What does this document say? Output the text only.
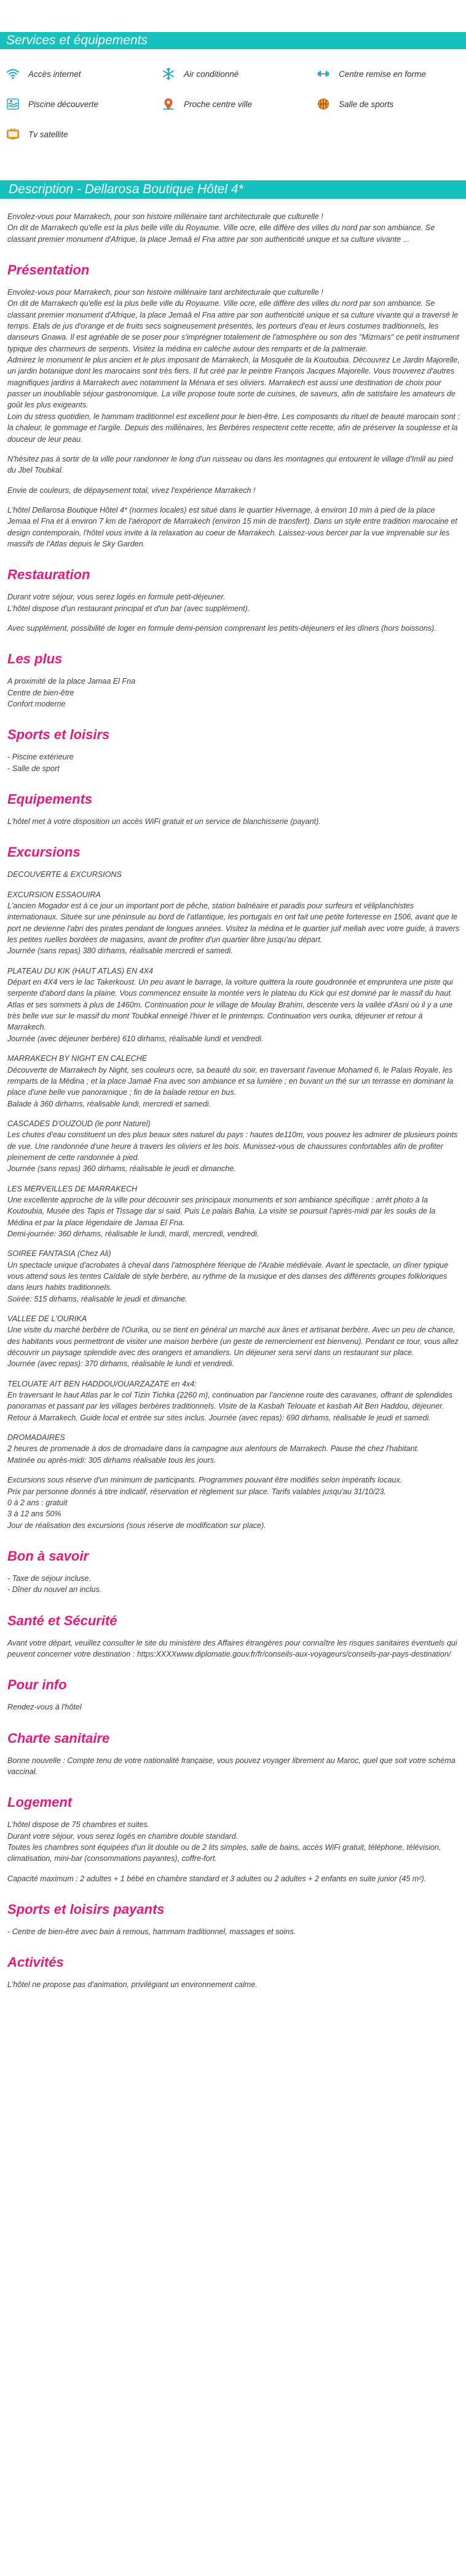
Services et équipements
Accès internet	Air conditionné	Centre remise en forme
Piscine découverte	Proche centre ville	Salle de sports
Tv satellite
Description - Dellarosa Boutique Hôtel 4*

Envolez-vous pour Marrakech, pour son histoire millénaire tant architecturale que culturelle !
On dit de Marrakech qu'elle est la plus belle ville du Royaume. Ville ocre, elle diffère des villes du nord par son ambiance. Se classant premier monument d'Afrique, la place Jemaâ el Fna attire par son authenticité unique et sa culture vivante ...

Présentation

Envolez-vous pour Marrakech, pour son histoire millénaire tant architecturale que culturelle !
On dit de Marrakech qu'elle est la plus belle ville du Royaume. Ville ocre, elle diffère des villes du nord par son ambiance. Se classant premier monument d'Afrique, la place Jemaâ el Fna attire par son authenticité unique et sa culture vivante qui a traversé le temps. Etals de jus d'orange et de fruits secs soigneusement présentés, les porteurs d'eau et leurs costumes traditionnels, les danseurs Gnawa. Il est agréable de se poser pour s'imprégner totalement de l'atmosphère ou son des "Mizmars" ce petit instrument typique des charmeurs de serpents. Visitez la médina en calèche autour des remparts et de la palmeraie.
Admirez le monument le plus ancien et le plus imposant de Marrakech, la Mosquée de la Koutoubia. Découvrez Le Jardin Majorelle, un jardin botanique dont les marocains sont très fiers. Il fut créé par le peintre François Jacques Majorelle. Vous trouverez d'autres magnifiques jardins à Marrakech avec notamment la Ménara et ses oliviers. Marrakech est aussi une destination de choix pour passer un inoubliable séjour gastronomique. La ville propose toute sorte de cuisines, de saveurs, afin de satisfaire les amateurs de goût les plus exigeants.
Loin du stress quotidien, le hammam traditionnel est excellent pour le bien-être. Les composants du rituel de beauté marocain sont : la chaleur, le gommage et l'argile. Depuis des millénaires, les Berbères respectent cette recette, afin de préserver la souplesse et la douceur de leur peau.

N'hésitez pas à sortir de la ville pour randonner le long d'un ruisseau ou dans les montagnes qui entourent le village d'Imlil au pied du Jbel Toubkal.

Envie de couleurs, de dépaysement total, vivez l'expérience Marrakech !

L'hôtel Dellarosa Boutique Hôtel 4* (normes locales) est situé dans le quartier Hivernage, à environ 10 min à pied de la place Jemaa el Fna et à environ 7 km de l'aéroport de Marrakech (environ 15 min de transfert). Dans un style entre tradition marocaine et design contemporain, l'hôtel vous invite à la relaxation au coeur de Marrakech. Laissez-vous bercer par la vue imprenable sur les massifs de l'Atlas depuis le Sky Garden.

Restauration

Durant votre séjour, vous serez logés en formule petit-déjeuner.
L'hôtel dispose d'un restaurant principal et d'un bar (avec supplément).

Avec supplément, possibilité de loger en formule demi-pension comprenant les petits-déjeuners et les dîners (hors boissons).

Les plus

A proximité de la place Jamaa El Fna
Centre de bien-être
Confort moderne

Sports et loisirs

- Piscine extérieure
- Salle de sport

Equipements

L'hôtel met à votre disposition un accès WiFi gratuit et un service de blanchisserie (payant).

Excursions

DECOUVERTE & EXCURSIONS

EXCURSION ESSAOUIRA
L'ancien Mogador est à ce jour un important port de pêche, station balnéaire et paradis pour surfeurs et véliplanchistes internationaux. Située sur une péninsule au bord de l'atlantique, les portugais en ont fait une petite forteresse en 1506, avant que le port ne devienne l'abri des pirates pendant de longues années. Visitez la médina et le quartier juif mellah avec votre guide, à travers les petites ruelles bordées de magasins, avant de profiter d'un quartier libre jusqu'au départ.
Journée (sans repas) 380 dirhams, réalisable mercredi et samedi.

PLATEAU DU KIK (HAUT ATLAS) EN 4X4
Départ en 4X4 vers le lac Takerkoust. Un peu avant le barrage, la voiture quittera la route goudronnée et empruntera une piste qui serpente d'abord dans la plaine. Vous commencez ensuite la montée vers le plateau du Kick qui est dominé par le massif du haut Atlas et ses sommets à plus de 1460m. Continuation pour le village de Moulay Brahim, descente vers la vallée d'Asni où il y a une très belle vue sur le massif du mont Toubkal enneigé l'hiver et le printemps. Continuation vers ourika, déjeuner et retour à Marrakech.
Journée (avec déjeuner berbère) 610 dirhams, réalisable lundi et vendredi.

MARRAKECH BY NIGHT EN CALECHE
Découverte de Marrakech by Night, ses couleurs ocre, sa beauté du soir, en traversant l'avenue Mohamed 6, le Palais Royale, les remparts de la Médina ; et la place Jamaë Fna avec son ambiance et sa lumière ; en buvant un thé sur un terrasse en dominant la place d'une belle vue panoramique ; fin de la balade retour en bus.
Balade à 360 dirhams, réalisable lundi, mercredi et samedi.

CASCADES D'OUZOUD (le pont Naturel)
Les chutes d'eau constituent un des plus beaux sites naturel du pays : hautes de110m, vous pouvez les admirer de plusieurs points de vue. Une randonnée d'une heure à travers les oliviers et les bois. Munissez-vous de chaussures confortables afin de profiter pleinement de cette randonnée à pied.
Journée (sans repas) 360 dirhams, réalisable le jeudi et dimanche.

LES MERVEILLES DE MARRAKECH
Une excellente approche de la ville pour découvrir ses principaux monuments et son ambiance spécifique : arrêt photo à la Koutoubia, Musée des Tapis et Tissage dar si said. Puis Le palais Bahia. La visite se poursuit l'après-midi par les souks de la Médina et par la place légendaire de Jamaa El Fna.
Demi-journée: 360 dirhams, réalisable le lundi, mardi, mercredi, vendredi.

SOIREE FANTASIA (Chez Ali)
Un spectacle unique d'acrobates à cheval dans l'atmosphère féerique de l'Arabie médiévale. Avant le spectacle, un dîner typique vous attend sous les tentes Caïdale de style berbère, au rythme de la musique et des danses des différents groupes folkloriques dans leurs habits traditionnels.
Soirée: 515 dirhams, réalisable le jeudi et dimanche.

VALLEE DE L'OURIKA
Une visite du marché berbère de l'Ourika, ou se tient en général un marché aux ânes et artisanat berbère. Avec un peu de chance, des habitants vous permettront de visiter une maison berbère (un geste de remerciement est bienvenu). Pendant ce tour, vous allez découvrir un paysage splendide avec des orangers et amandiers. Un déjeuner sera servi dans un restaurant sur place.
Journée (avec repas): 370 dirhams, réalisable le lundi et vendredi.

TELOUATE AIT BEN HADDOU/OUARZAZATE en 4x4:
En traversant le haut Atlas par le col Tizin Tichka (2260 m), continuation par l'ancienne route des caravanes, offrant de splendides panoramas et passant par les villages berbères traditionnels. Visite de la Kasbah Telouate et kasbah Ait Ben Haddou, déjeuner. Retour à Marrakech. Guide local et entrée sur sites inclus. Journée (avec repas): 690 dirhams, réalisable le jeudi et samedi.

DROMADAIRES
2 heures de promenade à dos de dromadaire dans la campagne aux alentours de Marrakech. Pause thé chez l'habitant.
Matinée ou après-midi: 305 dirhams réalisable tous les jours.

Excursions sous réserve d'un minimum de participants. Programmes pouvant être modifiés selon impératifs locaux.
Prix par personne donnés à titre indicatif, réservation et règlement sur place. Tarifs valables jusqu'au 31/10/23.
0 à 2 ans : gratuit
3 à 12 ans 50%
Jour de réalisation des excursions (sous réserve de modification sur place).

Bon à savoir

- Taxe de séjour incluse.
- Dîner du nouvel an inclus.

Santé et Sécurité

Avant votre départ, veuillez consulter le site du ministère des Affaires étrangères pour connaître les risques sanitaires éventuels qui peuvent concerner votre destination : https:XXXXwww.diplomatie.gouv.fr/fr/conseils-aux-voyageurs/conseils-par-pays-destination/

Pour info

Rendez-vous à l'hôtel

Charte sanitaire

Bonne nouvelle : Compte tenu de votre nationalité française, vous pouvez voyager librement au Maroc, quel que soit votre schéma vaccinal.

Logement

L'hôtel dispose de 75 chambres et suites.
Durant votre séjour, vous serez logés en chambre double standard.
Toutes les chambres sont équipées d'un lit double ou de 2 lits simples, salle de bains, accès WiFi gratuit, téléphone, télévision, climatisation, mini-bar (consommations payantes), coffre-fort.

Capacité maximum : 2 adultes + 1 bébé en chambre standard et 3 adultes ou 2 adultes + 2 enfants en suite junior (45 m²).

Sports et loisirs payants

- Centre de bien-être avec bain à remous, hammam traditionnel, massages et soins.

Activités

L'hôtel ne propose pas d'animation, privilégiant un environnement calme.
